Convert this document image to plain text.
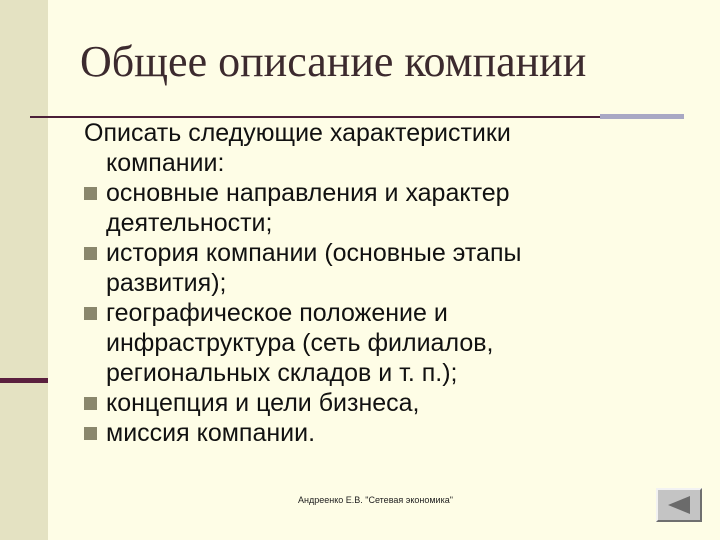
Общее описание компании

Описать следующие характеристики компании:

основные направления и характер деятельности;
история компании (основные этапы развития);
географическое положение и инфраструктура (сеть филиалов, региональных складов и т. п.);
концепция и цели бизнеса,
миссия компании.
Андреенко Е.В. "Сетевая экономика"
